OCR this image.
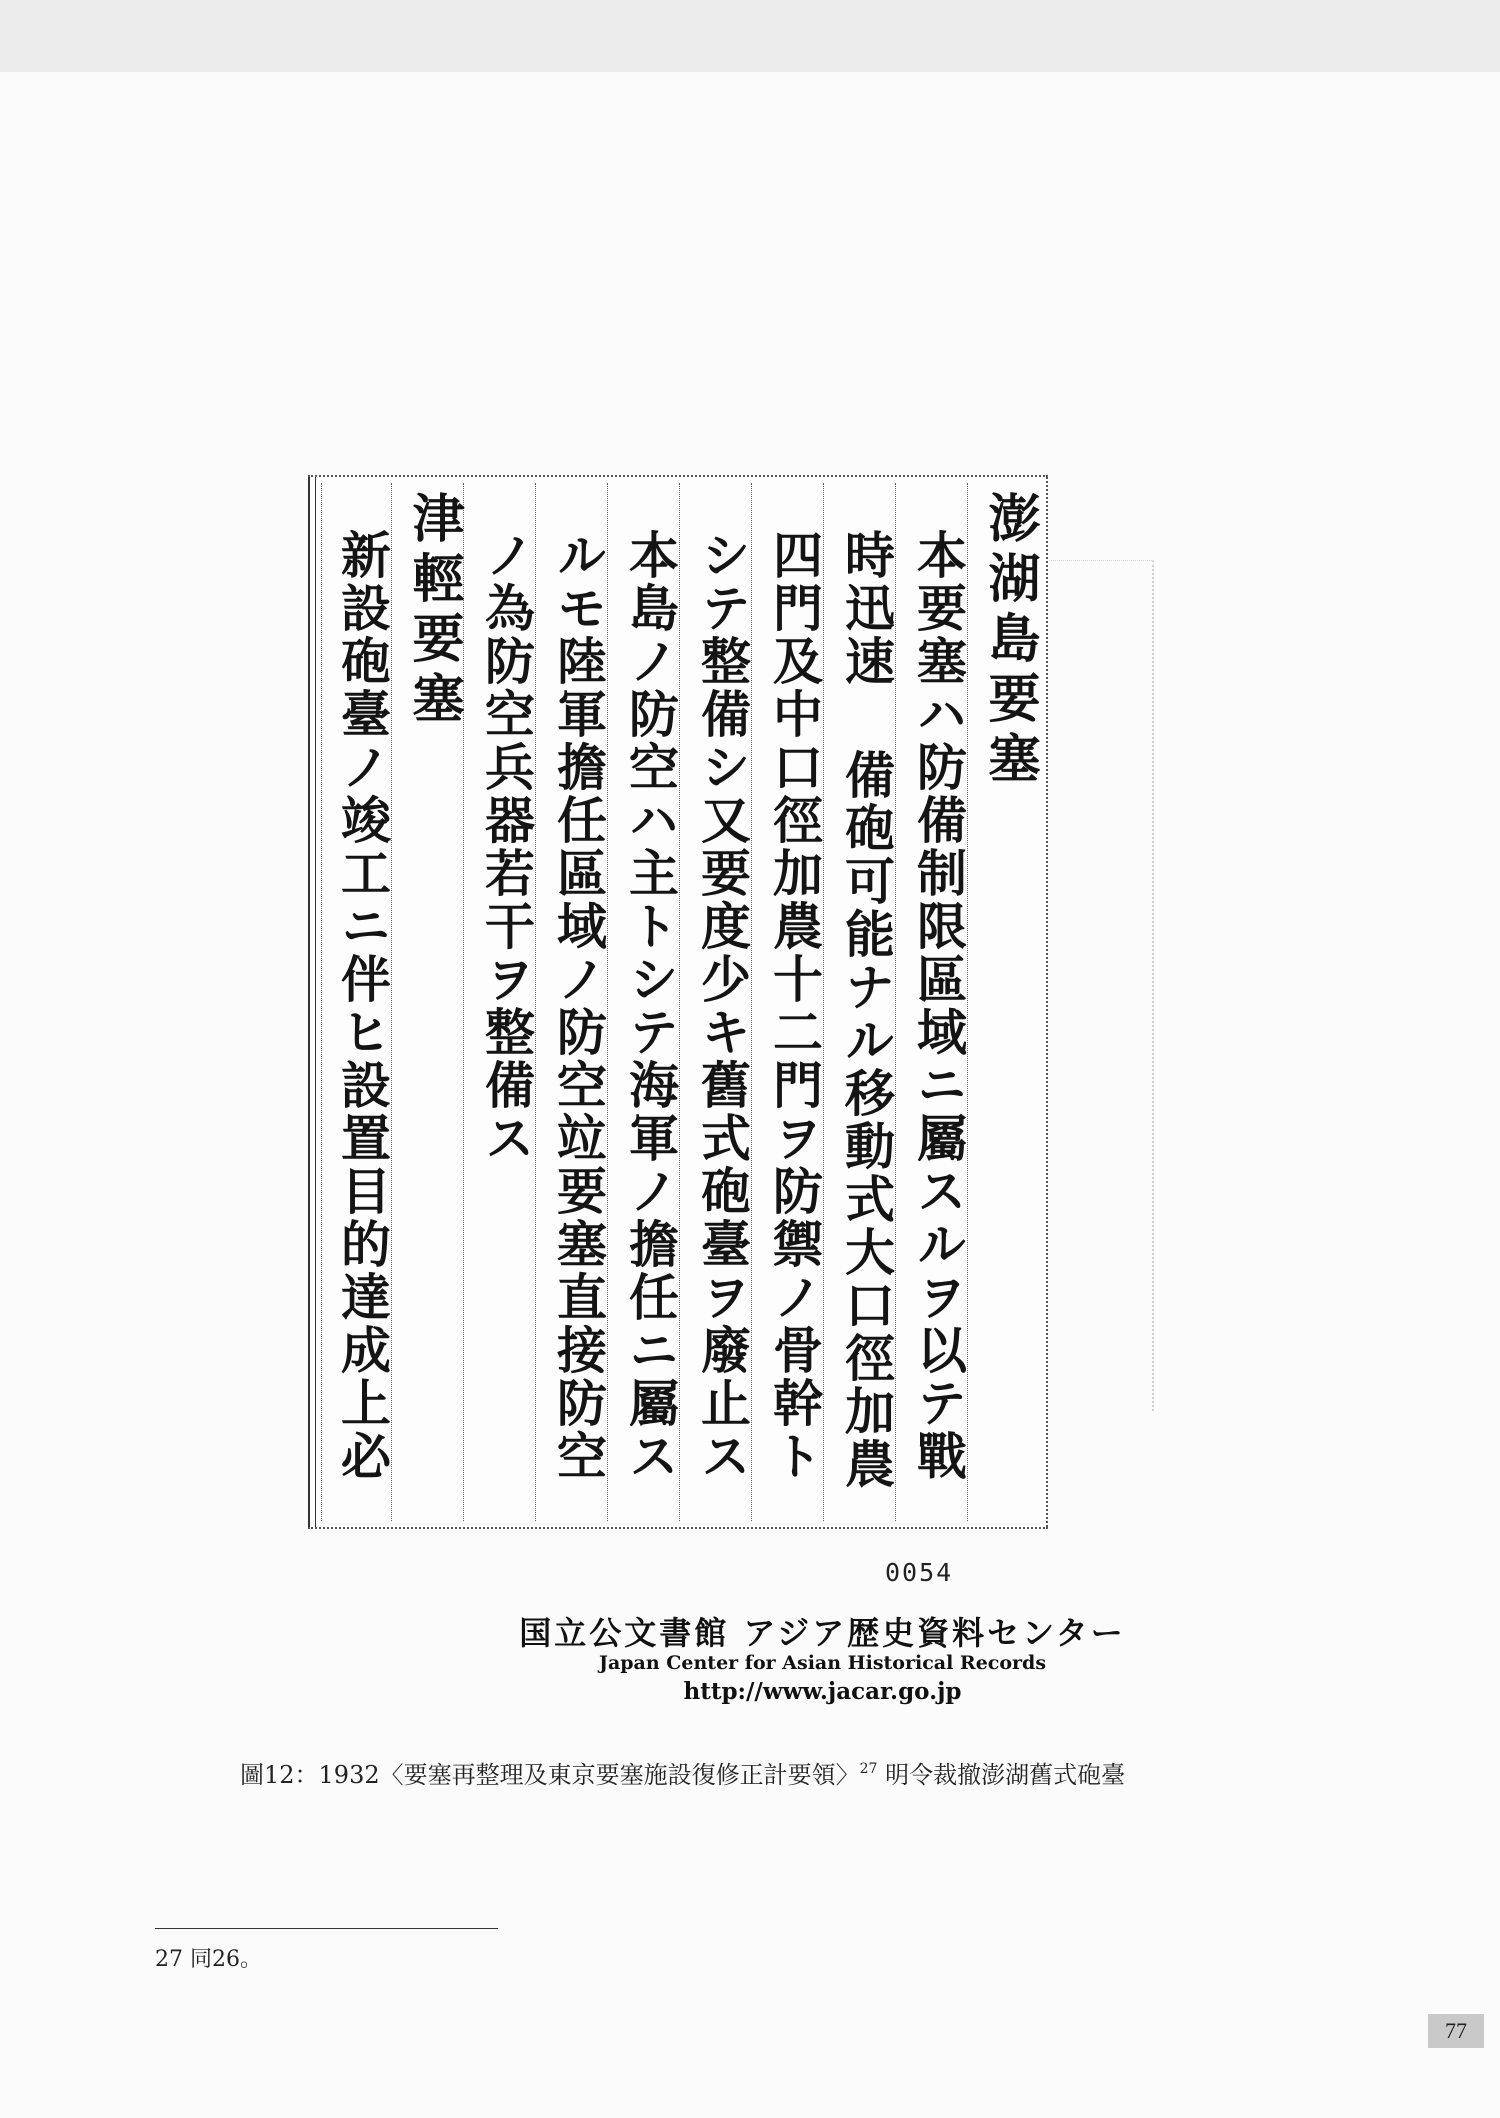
澎湖島要塞
本要塞ハ防備制限區域ニ屬スルヲ以テ戰
時迅速 備砲可能ナル移動式大口徑加農
四門及中口徑加農十二門ヲ防禦ノ骨幹ト
シテ整備シ又要度少キ舊式砲臺ヲ廢止ス
本島ノ防空ハ主トシテ海軍ノ擔任ニ屬ス
ルモ陸軍擔任區域ノ防空竝要塞直接防空
ノ為防空兵器若干ヲ整備ス
津輕要塞
新設砲臺ノ竣工ニ伴ヒ設置目的達成上必
0054
国立公文書館 アジア歴史資料センター
Japan Center for Asian Historical Records
http://www.jacar.go.jp
圖12：1932〈要塞再整理及東京要塞施設復修正計要領〉$^{27}$ 明令裁撤澎湖舊式砲臺
27 同26。
77
